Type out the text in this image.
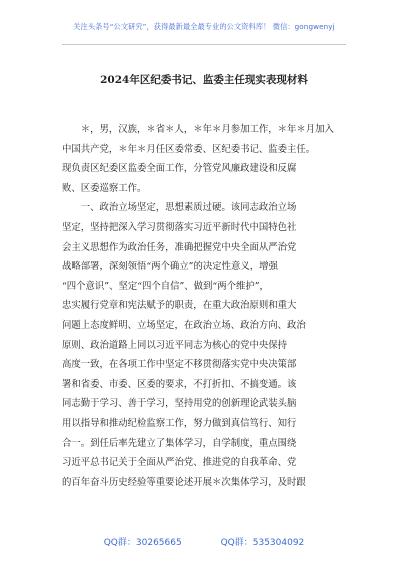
关注头条号“公文研究”，获得最新最全最专业的公文资料库！ 微信：gongwenyj
2024年区纪委书记、监委主任现实表现材料
＊，男，汉族，＊省＊人，＊年＊月参加工作，＊年＊月加入
中国共产党，＊年＊月任区委常委、区纪委书记、监委主任。
现负责区纪委区监委全面工作，分管党风廉政建设和反腐
败、区委巡察工作。
一、政治立场坚定，思想素质过硬。该同志政治立场
坚定，坚持把深入学习贯彻落实习近平新时代中国特色社
会主义思想作为政治任务，准确把握党中央全面从严治党
战略部署，深刻领悟“两个确立”的决定性意义，增强
“四个意识”、坚定“四个自信”、做到“两个维护”，
忠实履行党章和宪法赋予的职责，在重大政治原则和重大
问题上态度鲜明、立场坚定，在政治立场、政治方向、政治
原则、政治道路上同以习近平同志为核心的党中央保持
高度一致，在各项工作中坚定不移贯彻落实党中央决策部
署和省委、市委、区委的要求，不打折扣、不搞变通。该
同志勤于学习、善于学习，坚持用党的创新理论武装头脑
用以指导和推动纪检监察工作，努力做到真信笃行、知行
合一。到任后率先建立了集体学习，自学制度，重点围绕
习近平总书记关于全面从严治党、推进党的自我革命、党
的百年奋斗历史经验等重要论述开展＊次集体学习，及时跟
QQ群：30265665	QQ群：535304092
